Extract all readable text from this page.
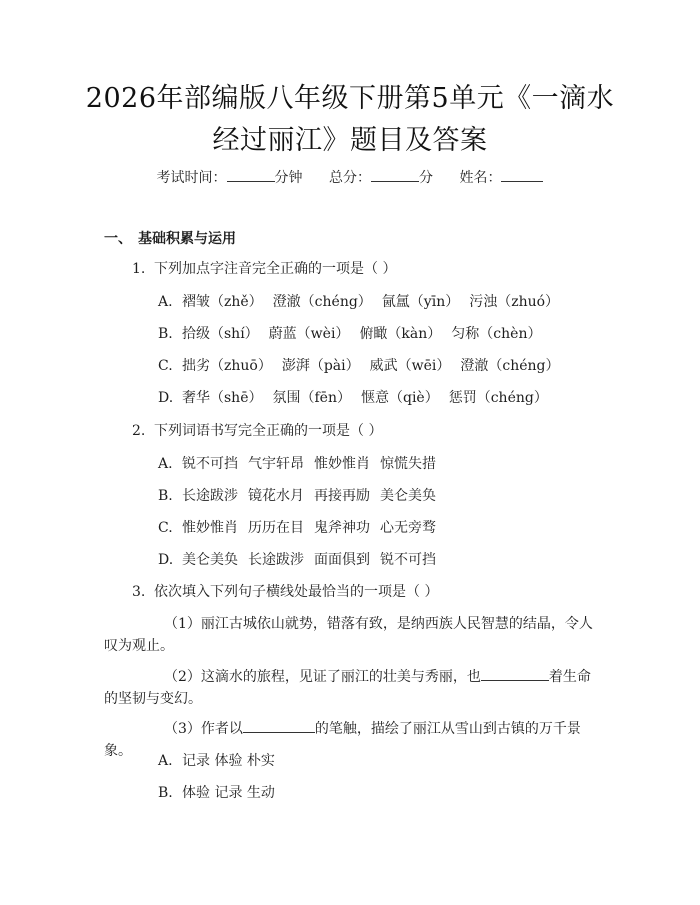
2026年部编版八年级下册第5单元《一滴水
经过丽江》题目及答案
考试时间：	分钟 总分：	分 姓名：
一、 基础积累与运用
1. 下列加点字注音完全正确的一项是（ ）
A. 褶皱（zhě） 澄澈（chéng） 氤氲（yīn） 污浊（zhuó）
B. 拾级（shí） 蔚蓝（wèi） 俯瞰（kàn） 匀称（chèn）
C. 拙劣（zhuō） 澎湃（pài） 威武（wēi） 澄澈（chéng）
D. 奢华（shē） 氛围（fēn） 惬意（qiè） 惩罚（chéng）
2. 下列词语书写完全正确的一项是（ ）
A. 锐不可挡 气宇轩昂 惟妙惟肖 惊慌失措
B. 长途跋涉 镜花水月 再接再励 美仑美奂
C. 惟妙惟肖 历历在目 鬼斧神功 心无旁骛
D. 美仑美奂 长途跋涉 面面俱到 锐不可挡
3. 依次填入下列句子横线处最恰当的一项是（ ）
（1）丽江古城依山就势，错落有致，是纳西族人民智慧的结晶，令人叹为观止。
（2）这滴水的旅程，见证了丽江的壮美与秀丽，也	着生命的坚韧与变幻。
（3）作者以	的笔触，描绘了丽江从雪山到古镇的万千景象。
A. 记录 体验 朴实
B. 体验 记录 生动
